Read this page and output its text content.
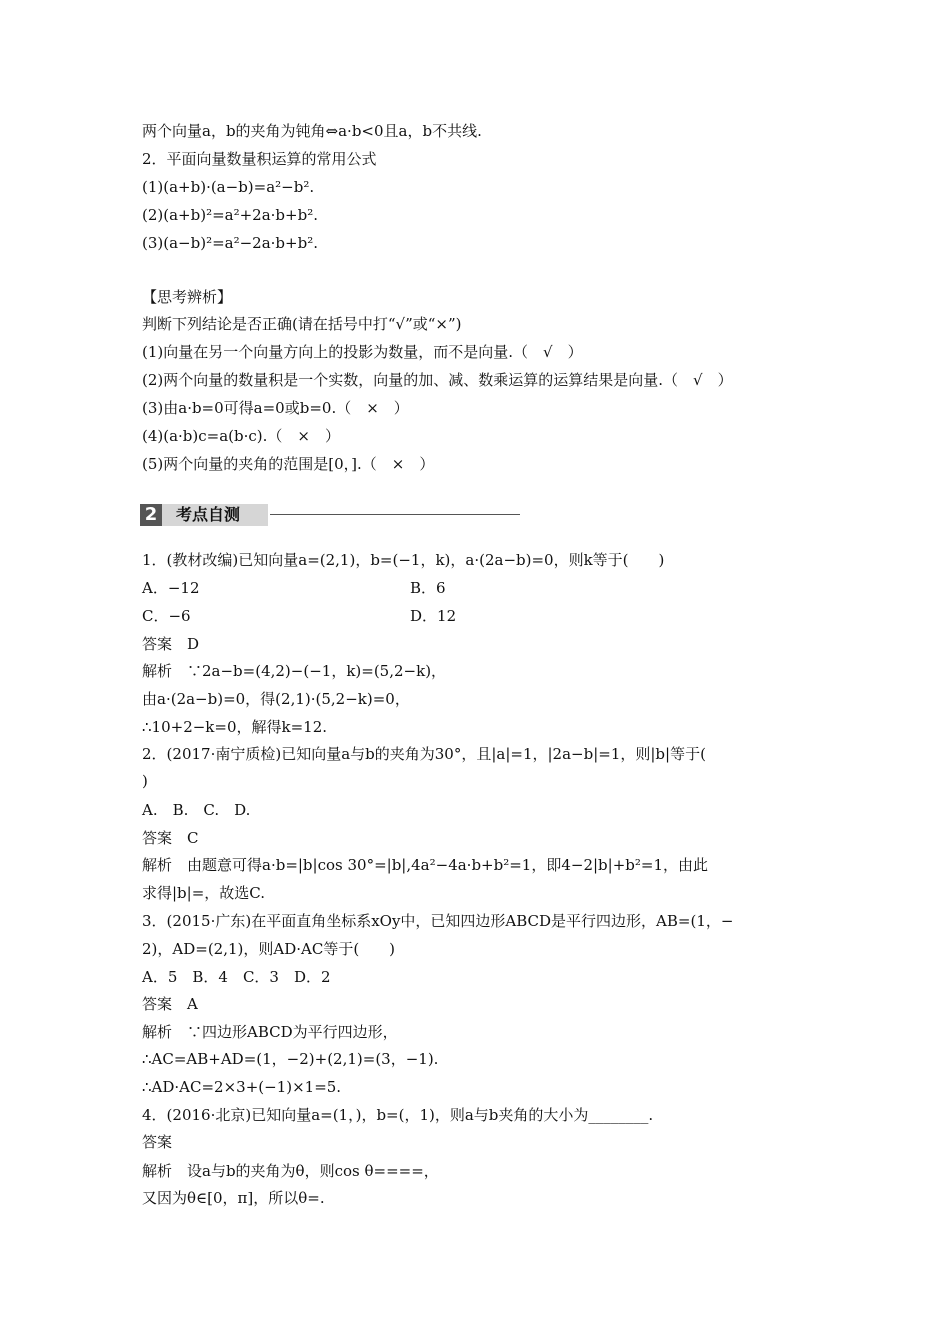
两个向量a，b的夹角为钝角⇔a·b<0且a，b不共线.
2．平面向量数量积运算的常用公式
(1)(a+b)·(a−b)=a²−b².
(2)(a+b)²=a²+2a·b+b².
(3)(a−b)²=a²−2a·b+b².
【思考辨析】
判断下列结论是否正确(请在括号中打“√”或“×”)
(1)向量在另一个向量方向上的投影为数量，而不是向量.（　√　）
(2)两个向量的数量积是一个实数，向量的加、减、数乘运算的运算结果是向量.（　√　）
(3)由a·b=0可得a=0或b=0.（　×　）
(4)(a·b)c=a(b·c).（　×　）
(5)两个向量的夹角的范围是[0，].（　×　）
2 考点自测
1．(教材改编)已知向量a=(2,1)，b=(−1，k)，a·(2a−b)=0，则k等于(　　)
A．−12	B．6
C．−6	D．12
答案　D
解析　∵2a−b=(4,2)−(−1，k)=(5,2−k)，
由a·(2a−b)=0，得(2,1)·(5,2−k)=0，
∴10+2−k=0，解得k=12.
2．(2017·南宁质检)已知向量a与b的夹角为30°，且|a|=1，|2a−b|=1，则|b|等于(
)
A.　B.　C.　D.
答案　C
解析　由题意可得a·b=|b|cos 30°=|b|,4a²−4a·b+b²=1，即4−2|b|+b²=1，由此
求得|b|=，故选C.
3．(2015·广东)在平面直角坐标系xOy中，已知四边形ABCD是平行四边形，AB=(1，−
2)，AD=(2,1)，则AD·AC等于(　　)
A．5　B．4　C．3　D．2
答案　A
解析　∵四边形ABCD为平行四边形，
∴AC=AB+AD=(1，−2)+(2,1)=(3，−1).
∴AD·AC=2×3+(−1)×1=5.
4．(2016·北京)已知向量a=(1，)，b=(，1)，则a与b夹角的大小为________.
答案
解析　设a与b的夹角为θ，则cos θ====，
又因为θ∈[0，π]，所以θ=.
